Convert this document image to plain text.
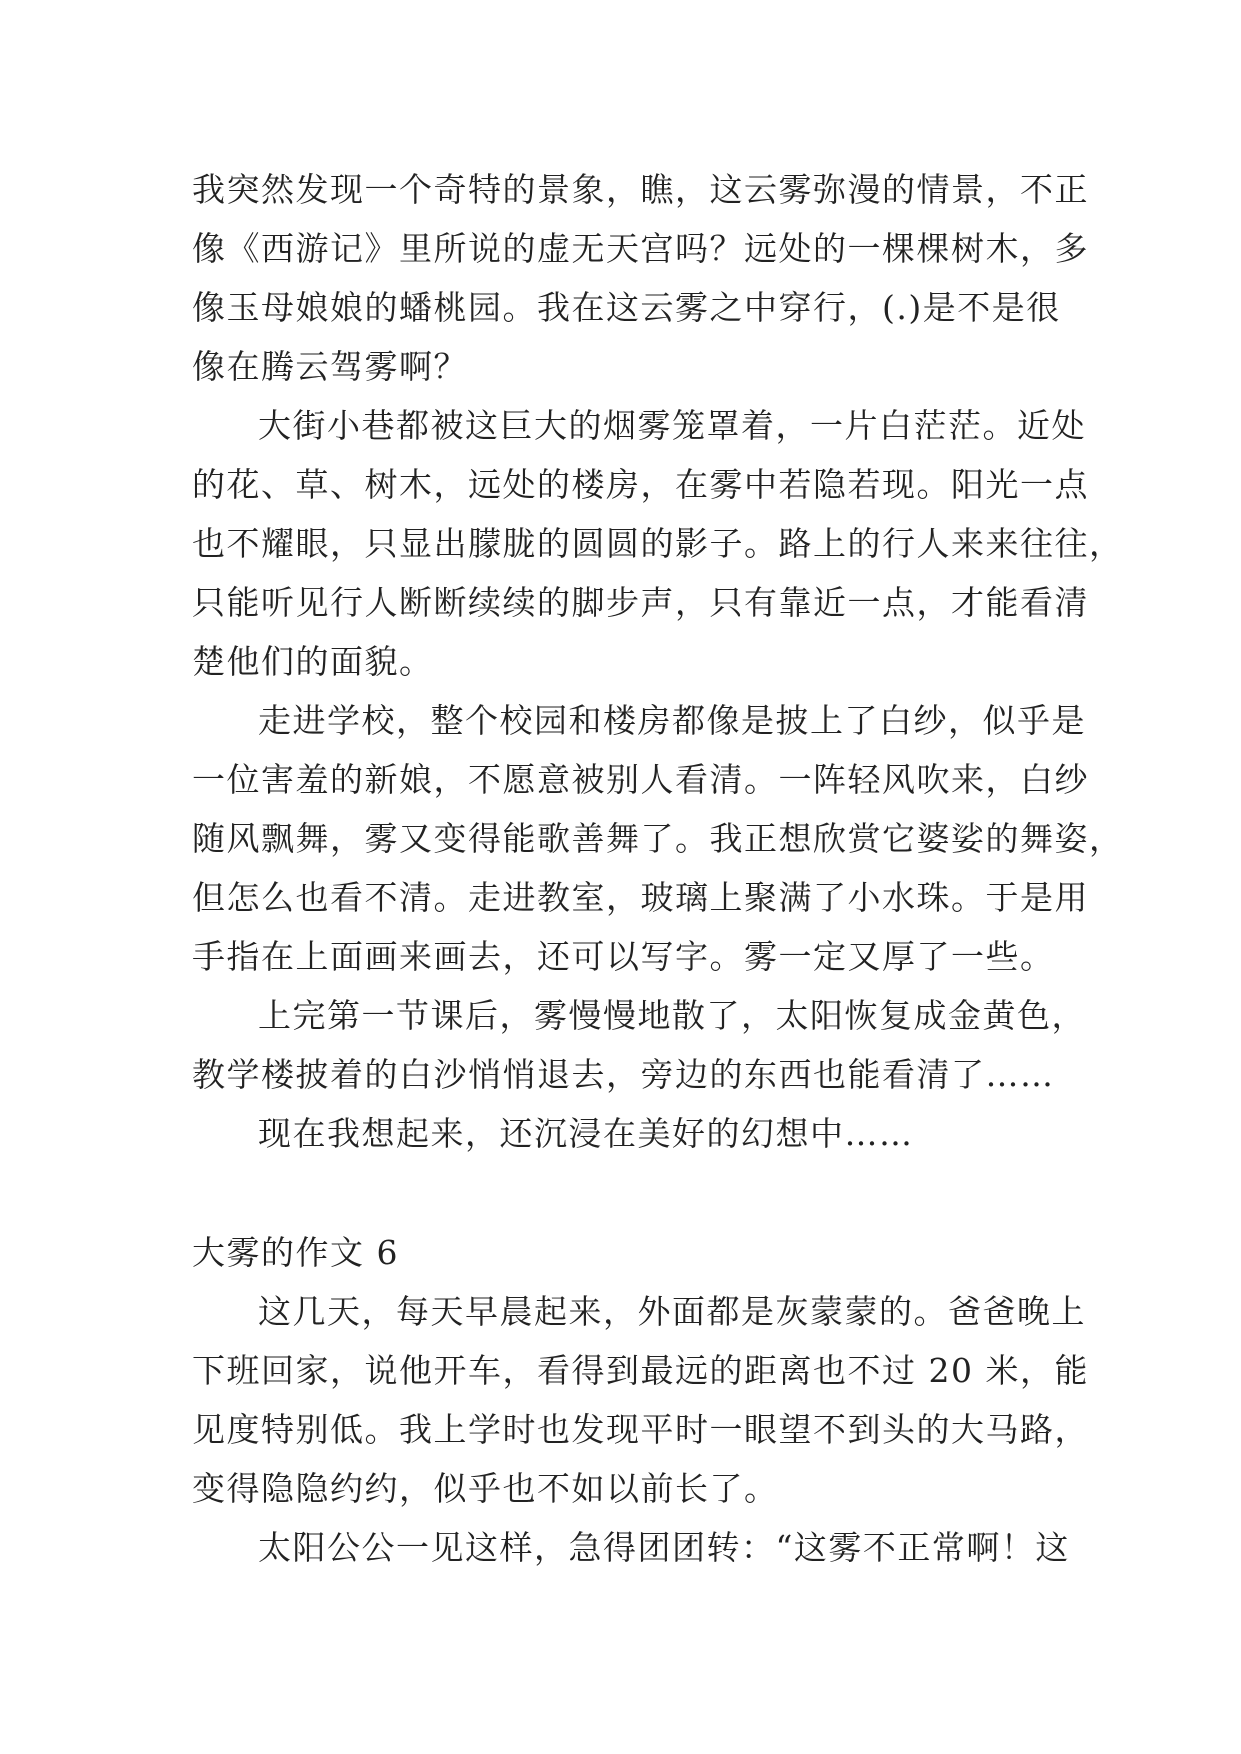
我突然发现一个奇特的景象，瞧，这云雾弥漫的情景，不正
像《西游记》里所说的虚无天宫吗？远处的一棵棵树木，多
像玉母娘娘的蟠桃园。我在这云雾之中穿行，(.)是不是很
像在腾云驾雾啊？
大街小巷都被这巨大的烟雾笼罩着，一片白茫茫。近处
的花、草、树木，远处的楼房，在雾中若隐若现。阳光一点
也不耀眼，只显出朦胧的圆圆的影子。路上的行人来来往往，
只能听见行人断断续续的脚步声，只有靠近一点，才能看清
楚他们的面貌。
走进学校，整个校园和楼房都像是披上了白纱，似乎是
一位害羞的新娘，不愿意被别人看清。一阵轻风吹来，白纱
随风飘舞，雾又变得能歌善舞了。我正想欣赏它婆娑的舞姿，
但怎么也看不清。走进教室，玻璃上聚满了小水珠。于是用
手指在上面画来画去，还可以写字。雾一定又厚了一些。
上完第一节课后，雾慢慢地散了，太阳恢复成金黄色，
教学楼披着的白沙悄悄退去，旁边的东西也能看清了……
现在我想起来，还沉浸在美好的幻想中……
大雾的作文 6
这几天，每天早晨起来，外面都是灰蒙蒙的。爸爸晚上
下班回家，说他开车，看得到最远的距离也不过 20 米，能
见度特别低。我上学时也发现平时一眼望不到头的大马路，
变得隐隐约约，似乎也不如以前长了。
太阳公公一见这样，急得团团转：“这雾不正常啊！这
